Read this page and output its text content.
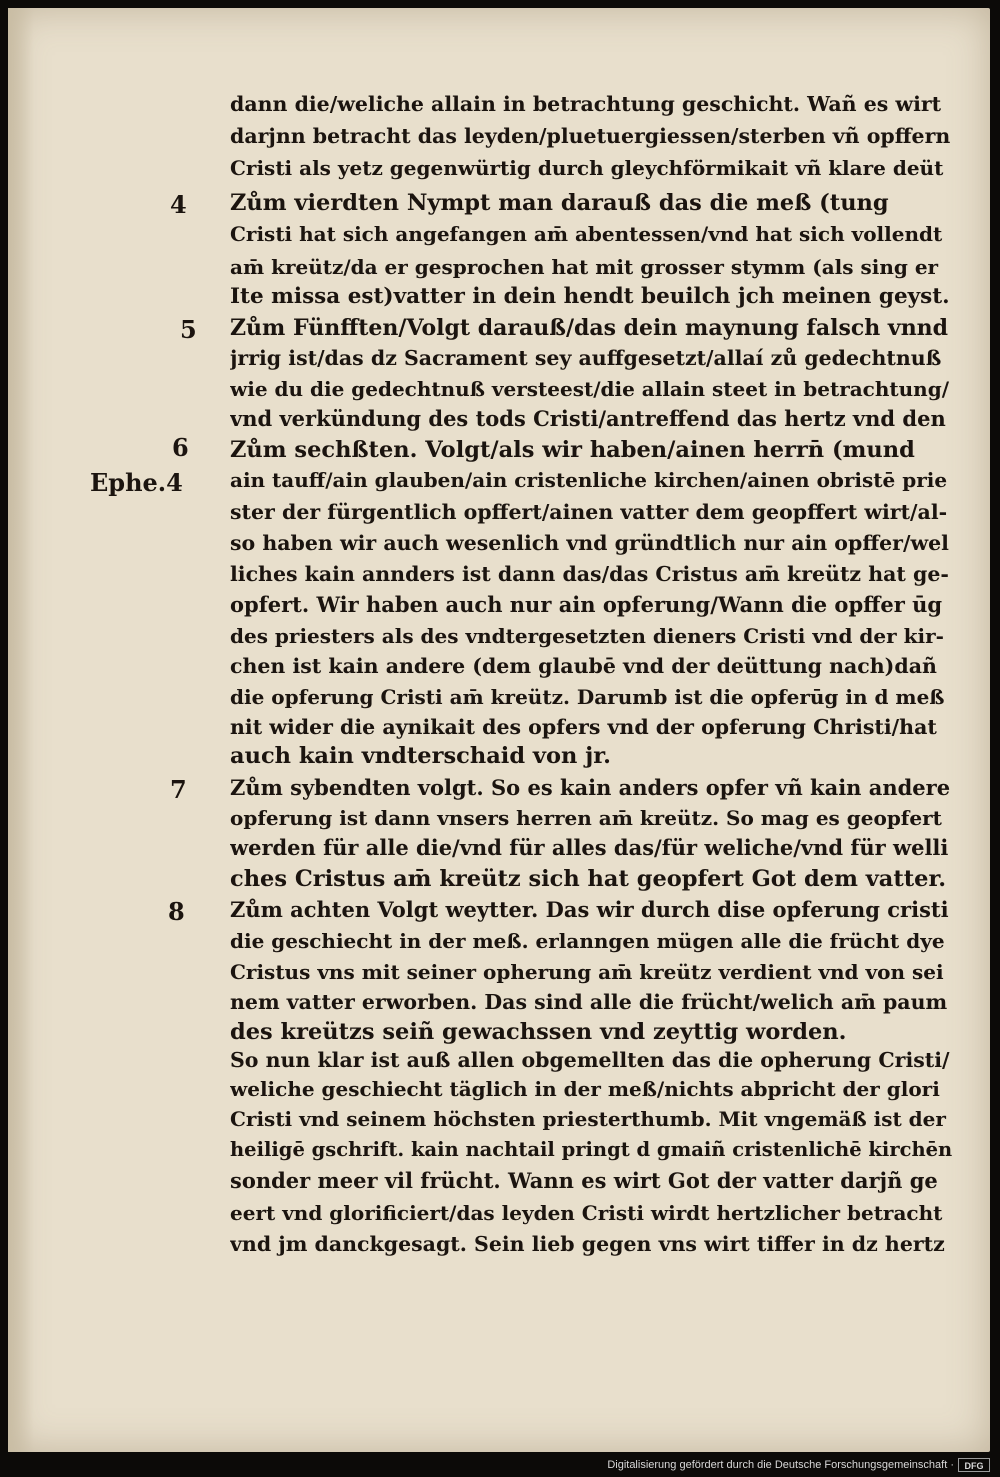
dann die/weliche allain in betrachtung geschicht. Wañ es wirt

darjnn betracht das leyden/pluetuergiessen/sterben vñ opffern

Cristi als yetz gegenwürtig durch gleychförmikait vñ klare deüt

Zům vierdten Nympt man darauß das die meß (tung

Cristi hat sich angefangen am̄ abentessen/vnd hat sich vollendt

am̄ kreütz/da er gesprochen hat mit grosser stymm (als sing er

Ite missa est)vatter in dein hendt beuilch jch meinen geyst.

Zům Fünfften/Volgt darauß/das dein maynung falsch vnnd

jrrig ist/das dz Sacrament sey auffgesetzt/allaí zů gedechtnuß

wie du die gedechtnuß versteest/die allain steet in betrachtung/

vnd verkündung des tods Cristi/antreffend das hertz vnd den

Zům sechßten. Volgt/als wir haben/ainen herrn̄ (mund

ain tauff/ain glauben/ain cristenliche kirchen/ainen obristē prie

ster der fürgentlich opffert/ainen vatter dem geopffert wirt/al-

so haben wir auch wesenlich vnd gründtlich nur ain opffer/wel

liches kain annders ist dann das/das Cristus am̄ kreütz hat ge-

opfert. Wir haben auch nur ain opferung/Wann die opffer ūg

des priesters als des vndtergesetzten dieners Cristi vnd der kir-

chen ist kain andere (dem glaubē vnd der deüttung nach)dañ

die opferung Cristi am̄ kreütz. Darumb ist die opferūg in d meß

nit wider die aynikait des opfers vnd der opferung Christi/hat

auch kain vndterschaid von jr.

Zům sybendten volgt. So es kain anders opfer vñ kain andere

opferung ist dann vnsers herren am̄ kreütz. So mag es geopfert

werden für alle die/vnd für alles das/für weliche/vnd für welli

ches Cristus am̄ kreütz sich hat geopfert Got dem vatter.

Zům achten Volgt weytter. Das wir durch dise opferung cristi

die geschiecht in der meß. erlanngen mügen alle die frücht dye

Cristus vns mit seiner opherung am̄ kreütz verdient vnd von sei

nem vatter erworben. Das sind alle die frücht/welich am̄ paum

des kreützs seiñ gewachssen vnd zeyttig worden.

So nun klar ist auß allen obgemellten das die opherung Cristi/

weliche geschiecht täglich in der meß/nichts abpricht der glori

Cristi vnd seinem höchsten priesterthumb. Mit vngemäß ist der

heiligē gschrift. kain nachtail pringt d gmaiñ cristenlichē kirchēn

sonder meer vil frücht. Wann es wirt Got der vatter darjñ ge

eert vnd glorificiert/das leyden Cristi wirdt hertzlicher betracht

vnd jm danckgesagt. Sein lieb gegen vns wirt tiffer in dz hertz

4

5

6

Ephe.4

7

8

Digitalisierung gefördert durch die Deutsche Forschungsgemeinschaft ·	DFG
